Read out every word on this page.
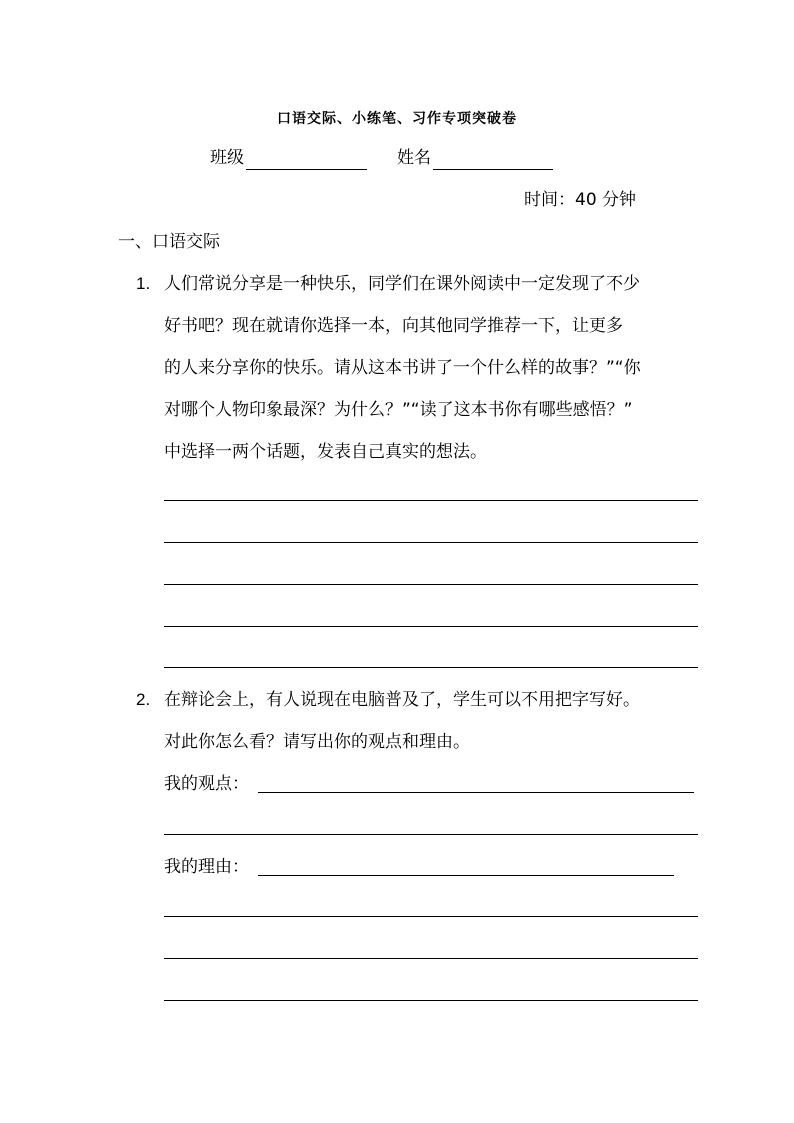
口语交际、小练笔、习作专项突破卷
班级	姓名
时间：40 分钟
一、口语交际
1. 人们常说分享是一种快乐，同学们在课外阅读中一定发现了不少
好书吧？现在就请你选择一本，向其他同学推荐一下，让更多
的人来分享你的快乐。请从这本书讲了一个什么样的故事？”“你
对哪个人物印象最深？为什么？”“读了这本书你有哪些感悟？”
中选择一两个话题，发表自己真实的想法。
2. 在辩论会上，有人说现在电脑普及了，学生可以不用把字写好。
对此你怎么看？请写出你的观点和理由。
我的观点：
我的理由：
